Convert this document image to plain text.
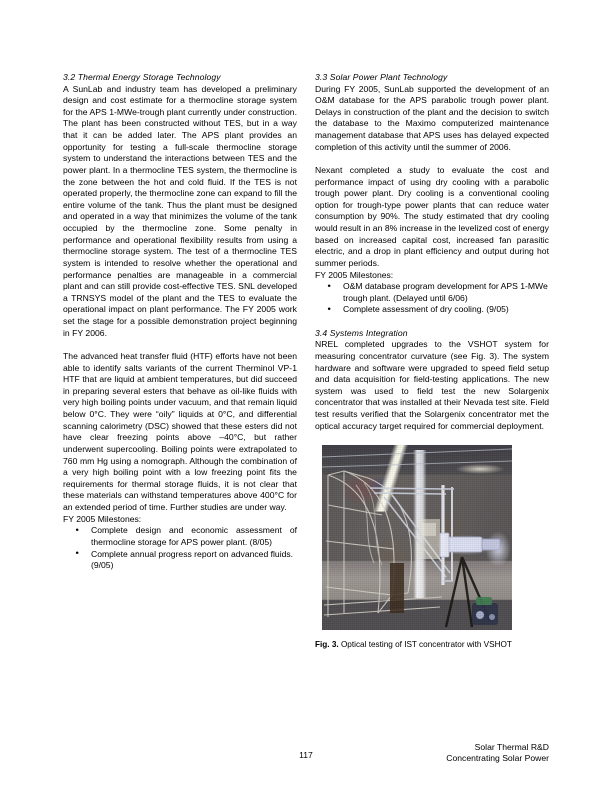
3.2 Thermal Energy Storage Technology

A SunLab and industry team has developed a preliminary design and cost estimate for a thermocline storage system for the APS 1-MWe-trough plant currently under construction. The plant has been constructed without TES, but in a way that it can be added later. The APS plant provides an opportunity for testing a full-scale thermocline storage system to understand the interactions between TES and the power plant. In a thermocline TES system, the thermocline is the zone between the hot and cold fluid. If the TES is not operated properly, the thermocline zone can expand to fill the entire volume of the tank. Thus the plant must be designed and operated in a way that minimizes the volume of the tank occupied by the thermocline zone. Some penalty in performance and operational flexibility results from using a thermocline storage system. The test of a thermocline TES system is intended to resolve whether the operational and performance penalties are manageable in a commercial plant and can still provide cost-effective TES. SNL developed a TRNSYS model of the plant and the TES to evaluate the operational impact on plant performance. The FY 2005 work set the stage for a possible demonstration project beginning in FY 2006.

The advanced heat transfer fluid (HTF) efforts have not been able to identify salts variants of the current Therminol VP-1 HTF that are liquid at ambient temperatures, but did succeed in preparing several esters that behave as oil-like fluids with very high boiling points under vacuum, and that remain liquid below 0°C. They were “oily” liquids at 0°C, and differential scanning calorimetry (DSC) showed that these esters did not have clear freezing points above –40°C, but rather underwent supercooling. Boiling points were extrapolated to 760 mm Hg using a nomograph. Although the combination of a very high boiling point with a low freezing point fits the requirements for thermal storage fluids, it is not clear that these materials can withstand temperatures above 400°C for an extended period of time. Further studies are under way.

FY 2005 Milestones:

• Complete design and economic assessment of thermocline storage for APS power plant. (8/05)
• Complete annual progress report on advanced fluids. (9/05)
3.3 Solar Power Plant Technology

During FY 2005, SunLab supported the development of an O&M database for the APS parabolic trough power plant. Delays in construction of the plant and the decision to switch the database to the Maximo computerized maintenance management database that APS uses has delayed expected completion of this activity until the summer of 2006.

Nexant completed a study to evaluate the cost and performance impact of using dry cooling with a parabolic trough power plant. Dry cooling is a conventional cooling option for trough-type power plants that can reduce water consumption by 90%. The study estimated that dry cooling would result in an 8% increase in the levelized cost of energy based on increased capital cost, increased fan parasitic electric, and a drop in plant efficiency and output during hot summer periods.

FY 2005 Milestones:

• O&M database program development for APS 1-MWe trough plant. (Delayed until 6/06)
• Complete assessment of dry cooling. (9/05)
3.4 Systems Integration

NREL completed upgrades to the VSHOT system for measuring concentrator curvature (see Fig. 3). The system hardware and software were upgraded to speed field setup and data acquisition for field-testing applications. The new system was used to field test the new Solargenix concentrator that was installed at their Nevada test site. Field test results verified that the Solargenix concentrator met the optical accuracy target required for commercial deployment.

Fig. 3. Optical testing of IST concentrator with VSHOT
117
Solar Thermal R&D
Concentrating Solar Power
